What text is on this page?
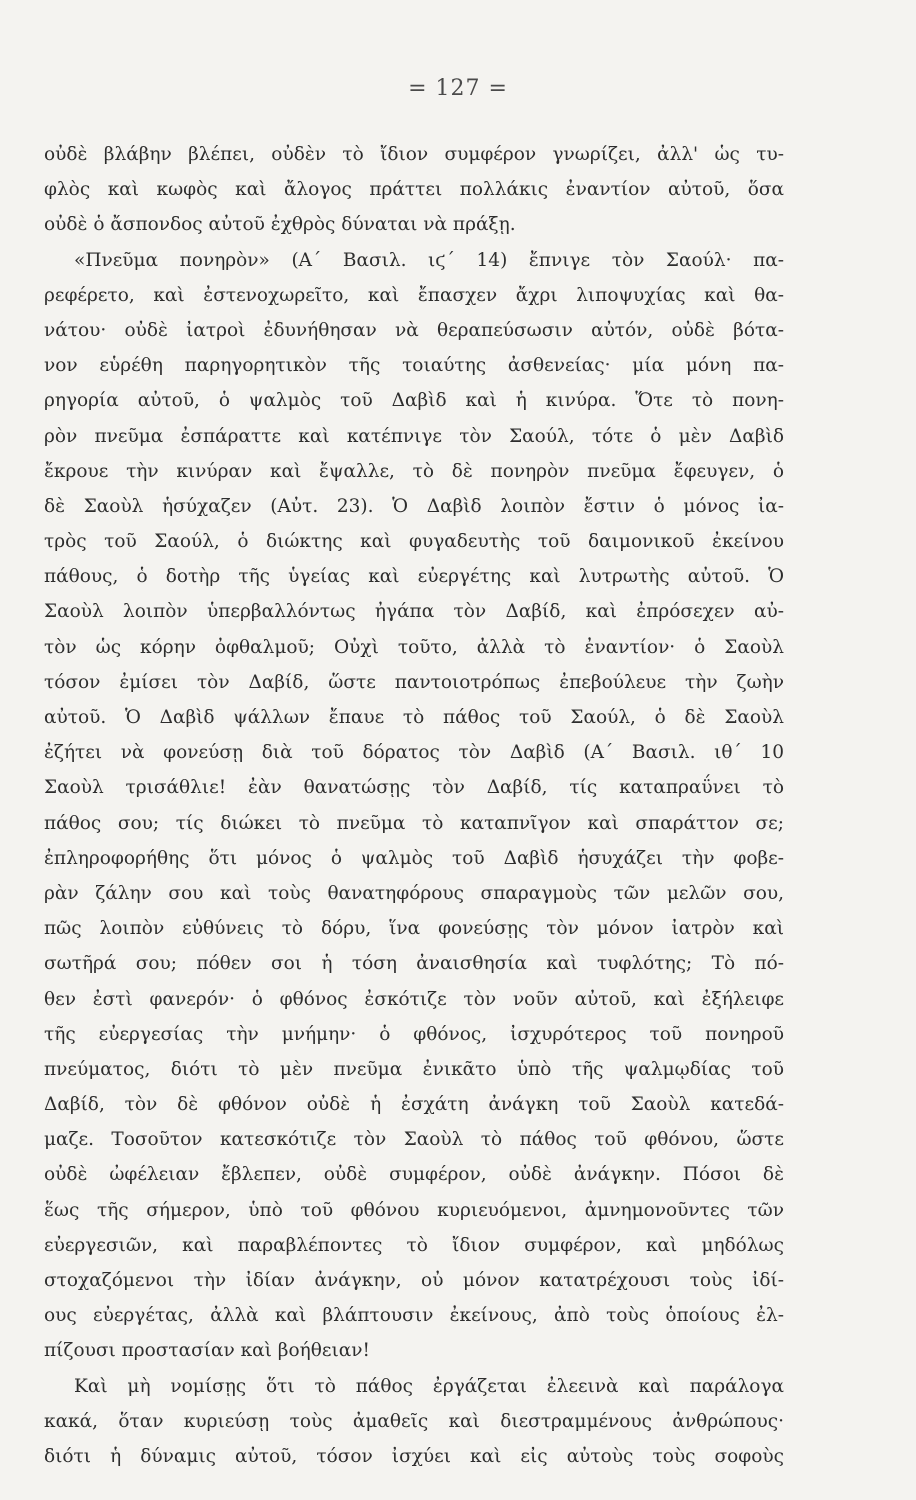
= 127 =
οὐδὲ βλάβην βλέπει, οὐδὲν τὸ ἴδιον συμφέρον γνωρίζει, ἀλλ' ὡς τυ-
φλὸς καὶ κωφὸς καὶ ἄλογος πράττει πολλάκις ἐναντίον αὐτοῦ, ὅσα
οὐδὲ ὁ ἄσπονδος αὐτοῦ ἐχθρὸς δύναται νὰ πράξῃ.
«Πνεῦμα πονηρὸν» (Α΄ Βασιλ. ιϛ΄ 14) ἔπνιγε τὸν Σαούλ· πα-
ρεφέρετο, καὶ ἐστενοχωρεῖτο, καὶ ἔπασχεν ἄχρι λιποψυχίας καὶ θα-
νάτου· οὐδὲ ἰατροὶ ἐδυνήθησαν νὰ θεραπεύσωσιν αὐτόν, οὐδὲ βότα-
νον εὑρέθη παρηγορητικὸν τῆς τοιαύτης ἀσθενείας· μία μόνη πα-
ρηγορία αὐτοῦ, ὁ ψαλμὸς τοῦ Δαβὶδ καὶ ἡ κινύρα. Ὅτε τὸ πονη-
ρὸν πνεῦμα ἐσπάραττε καὶ κατέπνιγε τὸν Σαούλ, τότε ὁ μὲν Δαβὶδ
ἔκρουε τὴν κινύραν καὶ ἔψαλλε, τὸ δὲ πονηρὸν πνεῦμα ἔφευγεν, ὁ
δὲ Σαοὺλ ἡσύχαζεν (Αὐτ. 23). Ὁ Δαβὶδ λοιπὸν ἔστιν ὁ μόνος ἰα-
τρὸς τοῦ Σαούλ, ὁ διώκτης καὶ φυγαδευτὴς τοῦ δαιμονικοῦ ἐκείνου
πάθους, ὁ δοτὴρ τῆς ὑγείας καὶ εὐεργέτης καὶ λυτρωτὴς αὐτοῦ. Ὁ
Σαοὺλ λοιπὸν ὑπερβαλλόντως ἠγάπα τὸν Δαβίδ, καὶ ἐπρόσεχεν αὐ-
τὸν ὡς κόρην ὀφθαλμοῦ; Οὐχὶ τοῦτο, ἀλλὰ τὸ ἐναντίον· ὁ Σαοὺλ
τόσον ἐμίσει τὸν Δαβίδ, ὥστε παντοιοτρόπως ἐπεβούλευε τὴν ζωὴν
αὐτοῦ. Ὁ Δαβὶδ ψάλλων ἔπαυε τὸ πάθος τοῦ Σαούλ, ὁ δὲ Σαοὺλ
ἐζήτει νὰ φονεύσῃ διὰ τοῦ δόρατος τὸν Δαβὶδ (Α΄ Βασιλ. ιθ΄ 10
Σαοὺλ τρισάθλιε! ἐὰν θανατώσῃς τὸν Δαβίδ, τίς καταπραΰνει τὸ
πάθος σου; τίς διώκει τὸ πνεῦμα τὸ καταπνῖγον καὶ σπαράττον σε;
ἐπληροφορήθης ὅτι μόνος ὁ ψαλμὸς τοῦ Δαβὶδ ἡσυχάζει τὴν φοβε-
ρὰν ζάλην σου καὶ τοὺς θανατηφόρους σπαραγμοὺς τῶν μελῶν σου,
πῶς λοιπὸν εὐθύνεις τὸ δόρυ, ἵνα φονεύσῃς τὸν μόνον ἰατρὸν καὶ
σωτῆρά σου; πόθεν σοι ἡ τόση ἀναισθησία καὶ τυφλότης; Τὸ πό-
θεν ἐστὶ φανερόν· ὁ φθόνος ἐσκότιζε τὸν νοῦν αὐτοῦ, καὶ ἐξήλειφε
τῆς εὐεργεσίας τὴν μνήμην· ὁ φθόνος, ἰσχυρότερος τοῦ πονηροῦ
πνεύματος, διότι τὸ μὲν πνεῦμα ἐνικᾶτο ὑπὸ τῆς ψαλμῳδίας τοῦ
Δαβίδ, τὸν δὲ φθόνον οὐδὲ ἡ ἐσχάτη ἀνάγκη τοῦ Σαοὺλ κατεδά-
μαζε. Τοσοῦτον κατεσκότιζε τὸν Σαοὺλ τὸ πάθος τοῦ φθόνου, ὥστε
οὐδὲ ὠφέλειαν ἔβλεπεν, οὐδὲ συμφέρον, οὐδὲ ἀνάγκην. Πόσοι δὲ
ἕως τῆς σήμερον, ὑπὸ τοῦ φθόνου κυριευόμενοι, ἀμνημονοῦντες τῶν
εὐεργεσιῶν, καὶ παραβλέποντες τὸ ἴδιον συμφέρον, καὶ μηδόλως
στοχαζόμενοι τὴν ἰδίαν ἀνάγκην, οὐ μόνον κατατρέχουσι τοὺς ἰδί-
ους εὐεργέτας, ἀλλὰ καὶ βλάπτουσιν ἐκείνους, ἀπὸ τοὺς ὁποίους ἐλ-
πίζουσι προστασίαν καὶ βοήθειαν!
Καὶ μὴ νομίσῃς ὅτι τὸ πάθος ἐργάζεται ἐλεεινὰ καὶ παράλογα
κακά, ὅταν κυριεύσῃ τοὺς ἀμαθεῖς καὶ διεστραμμένους ἀνθρώπους·
διότι ἡ δύναμις αὐτοῦ, τόσον ἰσχύει καὶ εἰς αὐτοὺς τοὺς σοφοὺς
